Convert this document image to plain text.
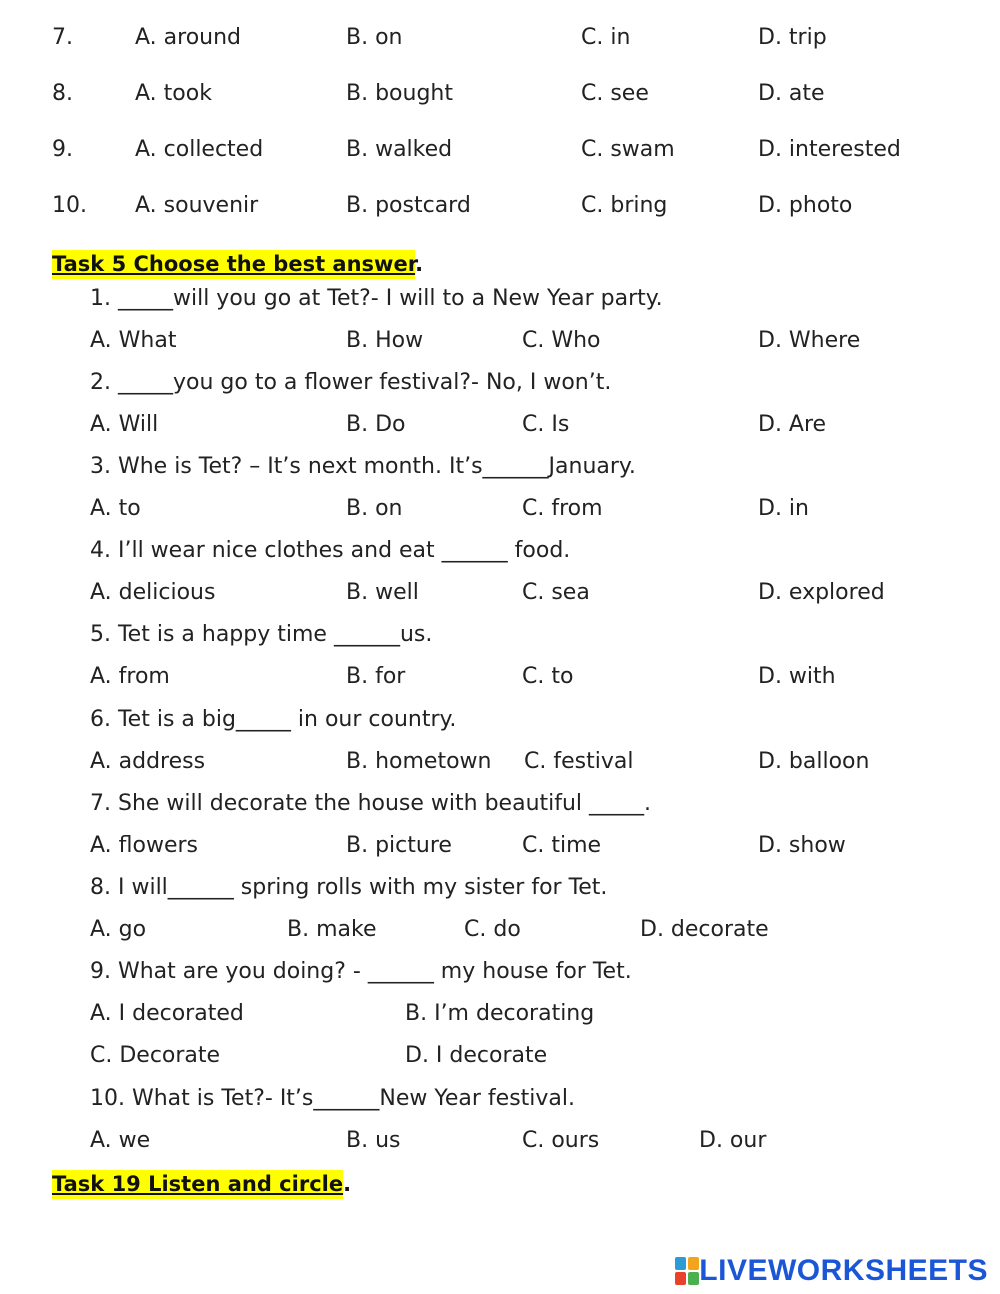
7.	A. around	B. on	C. in	D. trip
8.	A. took	B. bought	C. see	D. ate
9.	A. collected	B. walked	C. swam	D. interested
10. A. souvenir	B. postcard	C. bring	D. photo
Task 5 Choose the best answer.
1. _____will you go at Tet?- I will to a New Year party.
A. What	B. How	C. Who	D. Where
2. _____you go to a flower festival?- No, I won’t.
A. Will	B. Do	C. Is	D. Are
3. Whe is Tet? – It’s next month. It’s______January.
A. to	B. on	C. from	D. in
4. I’ll wear nice clothes and eat ______ food.
A. delicious	B. well	C. sea	D. explored
5. Tet is a happy time ______us.
A. from	B. for	C. to	D. with
6. Tet is a big_____ in our country.
A. address	B. hometown C. festival	D. balloon
7. She will decorate the house with beautiful _____.
A. flowers	B. picture	C. time	D. show
8. I will______ spring rolls with my sister for Tet.
A. go	B. make	C. do	D. decorate
9. What are you doing? - ______ my house for Tet.
A. I decorated	B. I’m decorating
C. Decorate	D. I decorate
10. What is Tet?- It’s______New Year festival.
A. we	B. us	C. ours	D. our
Task 19 Listen and circle.
LIVEWORKSHEETS
